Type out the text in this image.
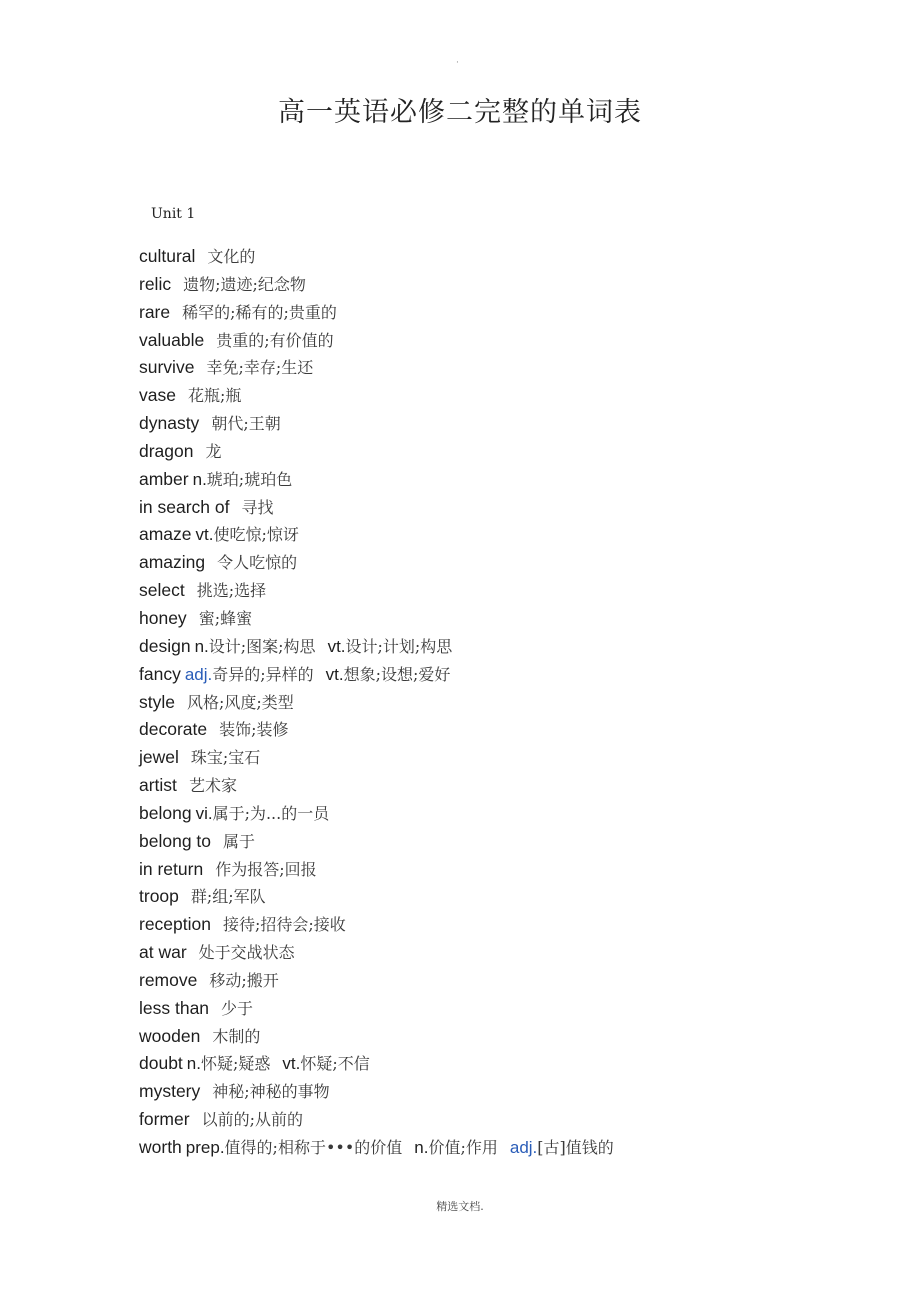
·
高一英语必修二完整的单词表
Unit 1
cultural 文化的
relic 遗物;遗迹;纪念物
rare 稀罕的;稀有的;贵重的
valuable 贵重的;有价值的
survive 幸免;幸存;生还
vase 花瓶;瓶
dynasty 朝代;王朝
dragon 龙
amber n.琥珀;琥珀色
in search of 寻找
amaze vt.使吃惊;惊讶
amazing 令人吃惊的
select 挑选;选择
honey 蜜;蜂蜜
design n.设计;图案;构思 vt.设计;计划;构思
fancy adj.奇异的;异样的 vt.想象;设想;爱好
style 风格;风度;类型
decorate 装饰;装修
jewel 珠宝;宝石
artist 艺术家
belong vi.属于;为...的一员
belong to 属于
in return 作为报答;回报
troop 群;组;军队
reception 接待;招待会;接收
at war 处于交战状态
remove 移动;搬开
less than 少于
wooden 木制的
doubt n.怀疑;疑惑 vt.怀疑;不信
mystery 神秘;神秘的事物
former 以前的;从前的
worth prep.值得的;相称于•••的价值 n.价值;作用 adj.[古]值钱的
精选文档.
